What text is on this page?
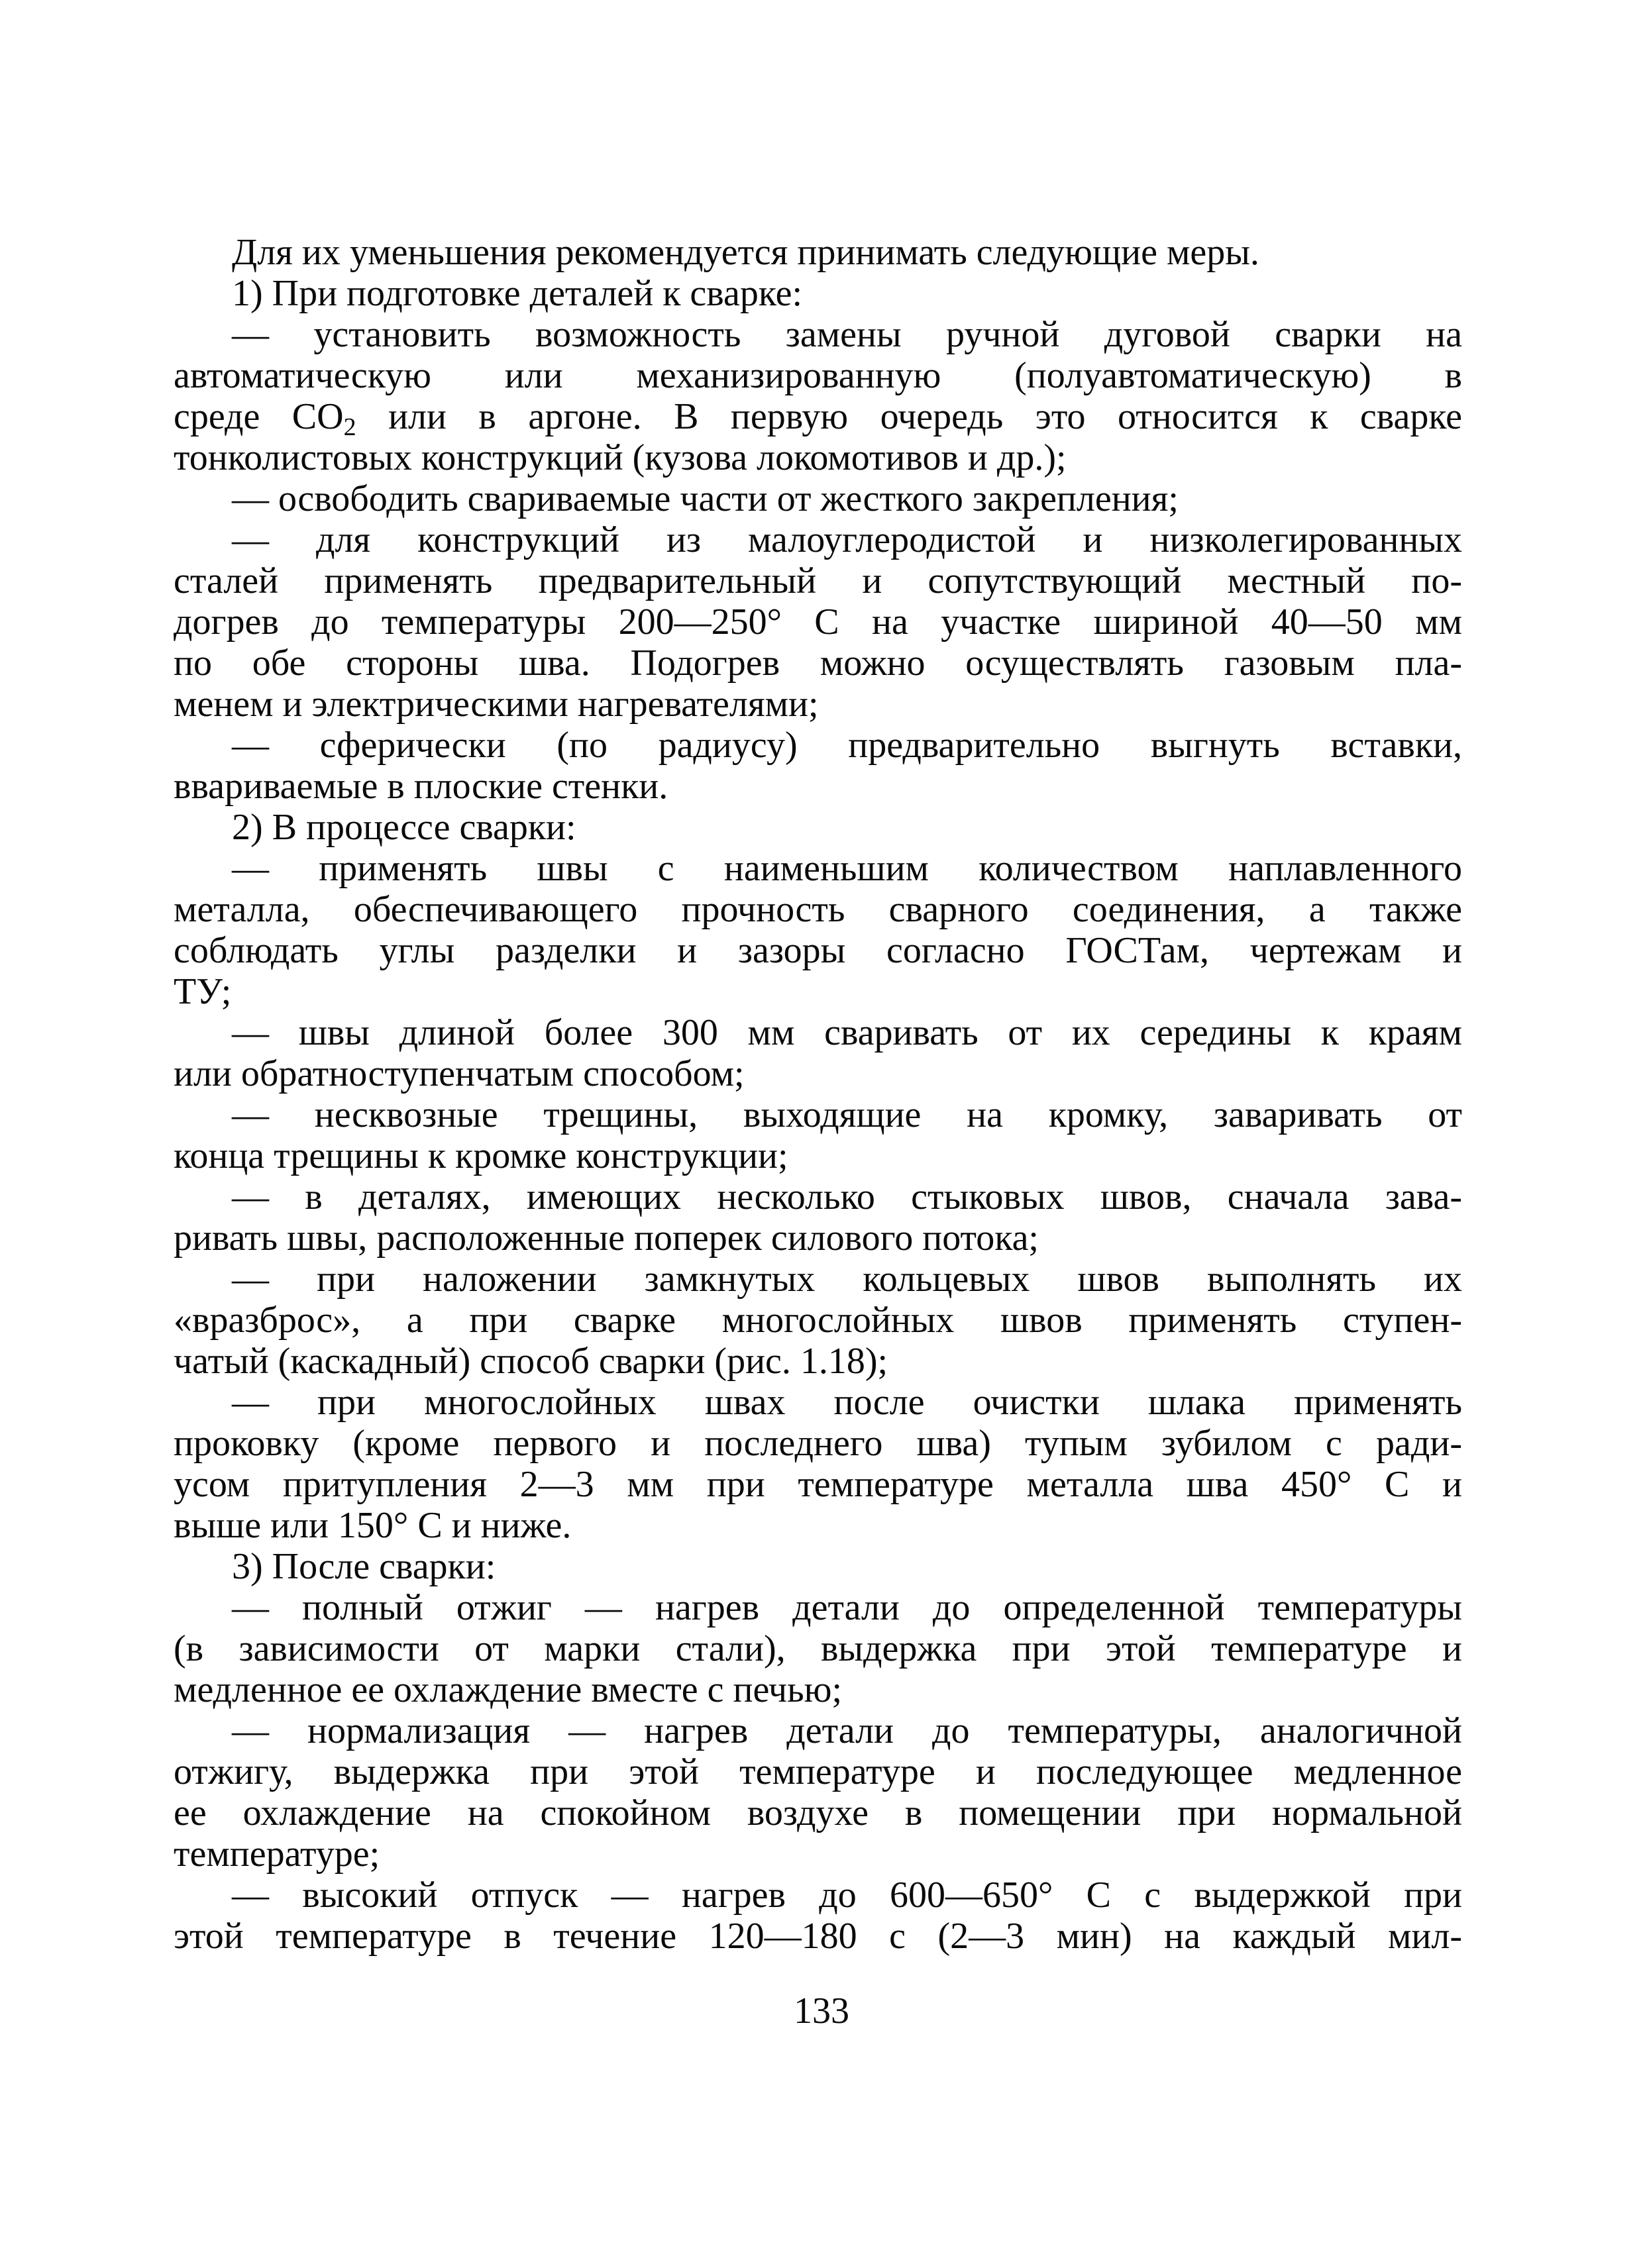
Для их уменьшения рекомендуется принимать следующие меры.
1) При подготовке деталей к сварке:
— установить возможность замены ручной дуговой сварки на
автоматическую или механизированную (полуавтоматическую) в
среде $CO_2$ или в аргоне. В первую очередь это относится к сварке
тонколистовых конструкций (кузова локомотивов и др.);
— освободить свариваемые части от жесткого закрепления;
— для конструкций из малоуглеродистой и низколегированных
сталей применять предварительный и сопутствующий местный по-
догрев до температуры 200—250° С на участке шириной 40—50 мм
по обе стороны шва. Подогрев можно осуществлять газовым пла-
менем и электрическими нагревателями;
— сферически (по радиусу) предварительно выгнуть вставки,
ввариваемые в плоские стенки.
2) В процессе сварки:
— применять швы с наименьшим количеством наплавленного
металла, обеспечивающего прочность сварного соединения, а также
соблюдать углы разделки и зазоры согласно ГОСТам, чертежам и
ТУ;
— швы длиной более 300 мм сваривать от их середины к краям
или обратноступенчатым способом;
— несквозные трещины, выходящие на кромку, заваривать от
конца трещины к кромке конструкции;
— в деталях, имеющих несколько стыковых швов, сначала зава-
ривать швы, расположенные поперек силового потока;
— при наложении замкнутых кольцевых швов выполнять их
«вразброс», а при сварке многослойных швов применять ступен-
чатый (каскадный) способ сварки (рис. 1.18);
— при многослойных швах после очистки шлака применять
проковку (кроме первого и последнего шва) тупым зубилом с ради-
усом притупления 2—3 мм при температуре металла шва 450° С и
выше или 150° С и ниже.
3) После сварки:
— полный отжиг — нагрев детали до определенной температуры
(в зависимости от марки стали), выдержка при этой температуре и
медленное ее охлаждение вместе с печью;
— нормализация — нагрев детали до температуры, аналогичной
отжигу, выдержка при этой температуре и последующее медленное
ее охлаждение на спокойном воздухе в помещении при нормальной
температуре;
— высокий отпуск — нагрев до 600—650° С с выдержкой при
этой температуре в течение 120—180 с (2—3 мин) на каждый мил-
133
